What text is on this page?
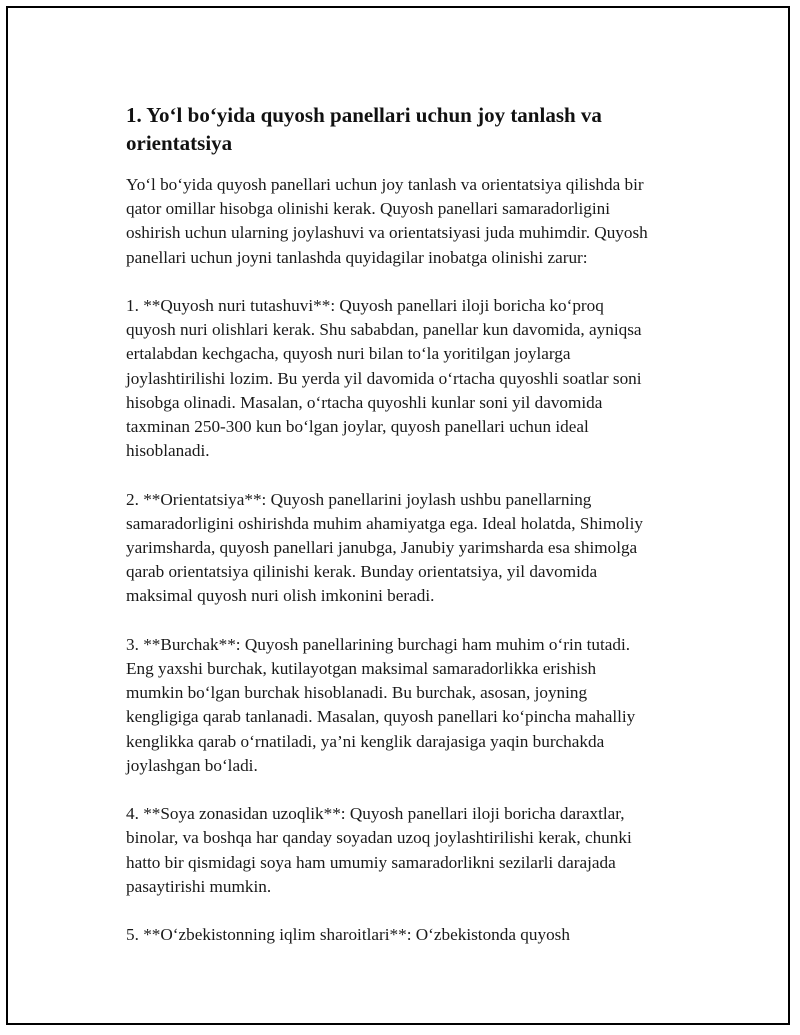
1. Yo‘l bo‘yida quyosh panellari uchun joy tanlash va
orientatsiya

Yo‘l bo‘yida quyosh panellari uchun joy tanlash va orientatsiya qilishda bir
qator omillar hisobga olinishi kerak. Quyosh panellari samaradorligini
oshirish uchun ularning joylashuvi va orientatsiyasi juda muhimdir. Quyosh
panellari uchun joyni tanlashda quyidagilar inobatga olinishi zarur:

1. **Quyosh nuri tutashuvi**: Quyosh panellari iloji boricha ko‘proq
quyosh nuri olishlari kerak. Shu sababdan, panellar kun davomida, ayniqsa
ertalabdan kechgacha, quyosh nuri bilan to‘la yoritilgan joylarga
joylashtirilishi lozim. Bu yerda yil davomida o‘rtacha quyoshli soatlar soni
hisobga olinadi. Masalan, o‘rtacha quyoshli kunlar soni yil davomida
taxminan 250-300 kun bo‘lgan joylar, quyosh panellari uchun ideal
hisoblanadi.

2. **Orientatsiya**: Quyosh panellarini joylash ushbu panellarning
samaradorligini oshirishda muhim ahamiyatga ega. Ideal holatda, Shimoliy
yarimsharda, quyosh panellari janubga, Janubiy yarimsharda esa shimolga
qarab orientatsiya qilinishi kerak. Bunday orientatsiya, yil davomida
maksimal quyosh nuri olish imkonini beradi.

3. **Burchak**: Quyosh panellarining burchagi ham muhim o‘rin tutadi.
Eng yaxshi burchak, kutilayotgan maksimal samaradorlikka erishish
mumkin bo‘lgan burchak hisoblanadi. Bu burchak, asosan, joyning
kengligiga qarab tanlanadi. Masalan, quyosh panellari ko‘pincha mahalliy
kenglikka qarab o‘rnatiladi, ya’ni kenglik darajasiga yaqin burchakda
joylashgan bo‘ladi.

4. **Soya zonasidan uzoqlik**: Quyosh panellari iloji boricha daraxtlar,
binolar, va boshqa har qanday soyadan uzoq joylashtirilishi kerak, chunki
hatto bir qismidagi soya ham umumiy samaradorlikni sezilarli darajada
pasaytirishi mumkin.

5. **O‘zbekistonning iqlim sharoitlari**: O‘zbekistonda quyosh
